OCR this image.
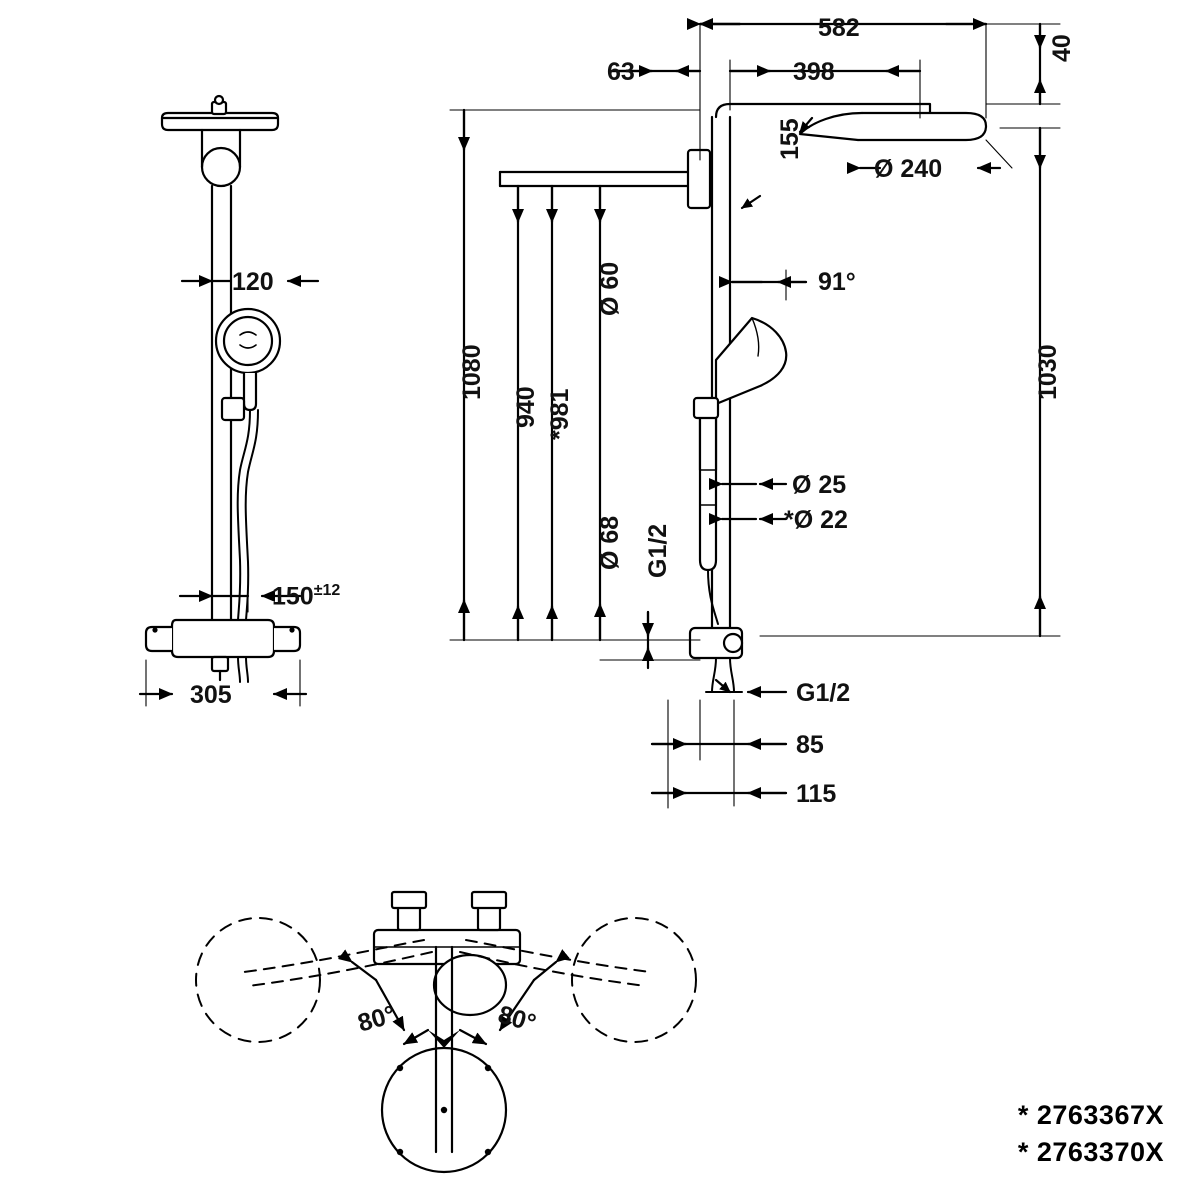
120
$150^{\pm 12}$
305
582
63	398
40
155
Ø 240
1080
940 *981
1030
Ø 60
Ø 68 G1/2
91°
Ø 25
*Ø 22
G1/2
85
115
80°	80°
* 2763367X
* 2763370X
